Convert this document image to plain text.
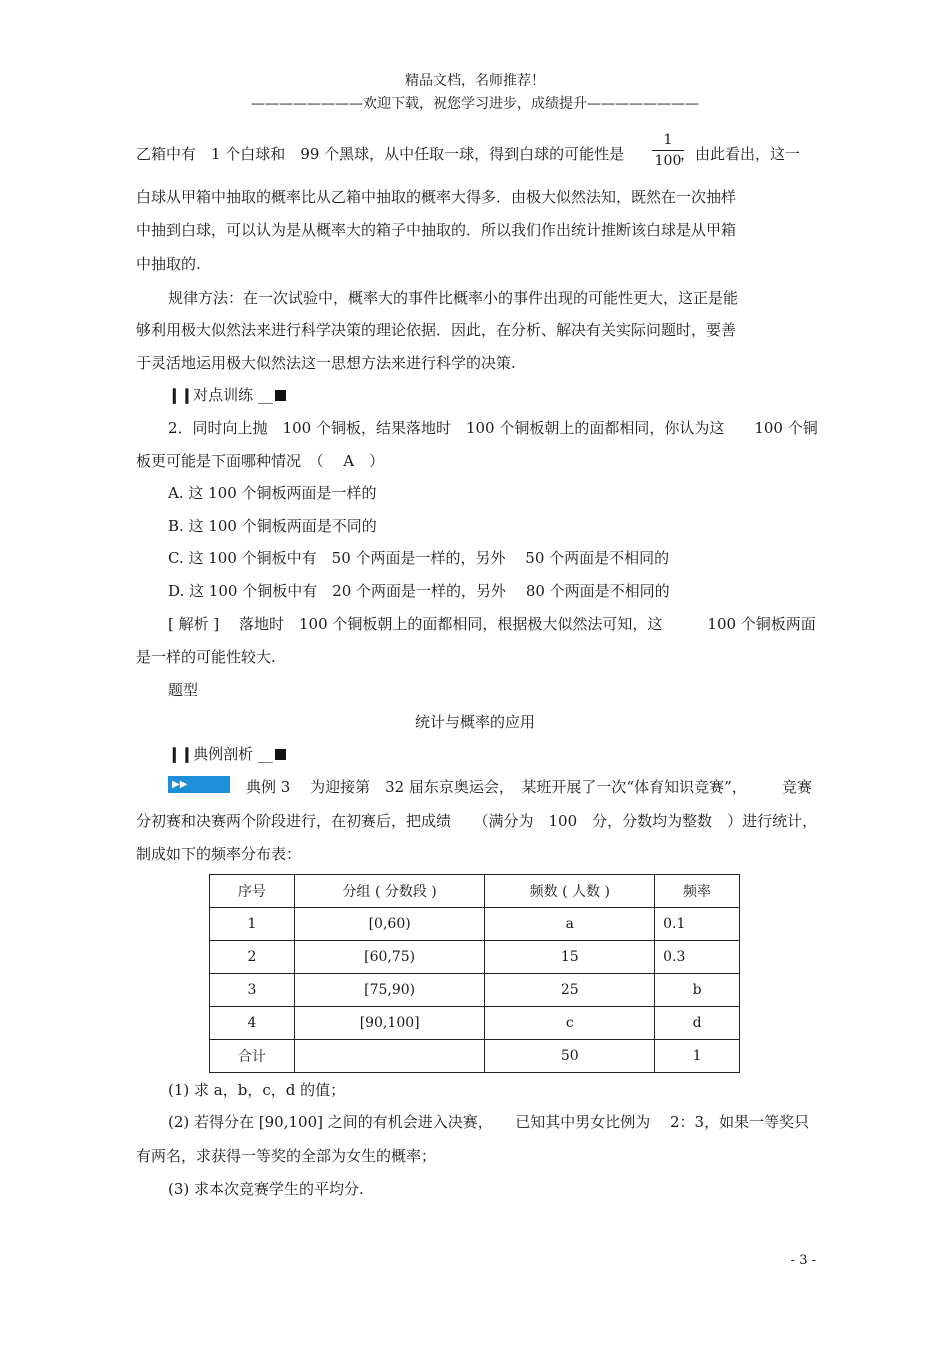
精品文档，名师推荐！
————————欢迎下载，祝您学习进步，成绩提升————————
乙箱中有　1 个白球和　99 个黑球，从中任取一球，得到白球的可能性是
1
100
，由此看出，这一
白球从甲箱中抽取的概率比从乙箱中抽取的概率大得多．由极大似然法知，既然在一次抽样
中抽到白球，可以认为是从概率大的箱子中抽取的．所以我们作出统计推断该白球是从甲箱
中抽取的.
规律方法：在一次试验中，概率大的事件比概率小的事件出现的可能性更大，这正是能
够利用极大似然法来进行科学决策的理论依据．因此，在分析、解决有关实际问题时，要善
于灵活地运用极大似然法这一思想方法来进行科学的决策.
❙❙对点训练 __
2．同时向上抛　100 个铜板，结果落地时　100 个铜板朝上的面都相同，你认为这　　100 个铜
板更可能是下面哪种情况　（　 A　）
A. 这 100 个铜板两面是一样的
B. 这 100 个铜板两面是不同的
C. 这 100 个铜板中有　50 个两面是一样的，另外　 50 个两面是不相同的
D. 这 100 个铜板中有　20 个两面是一样的，另外　 80 个两面是不相同的
[ 解析 ]　 落地时　100 个铜板朝上的面都相同，根据极大似然法可知，这　　　100 个铜板两面
是一样的可能性较大.
题型
统计与概率的应用
❙❙典例剖析 __
▶▶	典例 3　 为迎接第　32 届东京奥运会，　某班开展了一次“体育知识竞赛”， 竞赛
分初赛和决赛两个阶段进行，在初赛后，把成绩　　（满分为　100　分，分数均为整数　）进行统计，
制成如下的频率分布表：
序号	分组 ( 分数段 )	频数 ( 人数 )	频率
1	[0,60)	a	0.1
2	[60,75)	15	0.3
3	[75,90)	25	b
4	[90,100]	c	d
合计		50	1
(1) 求 a，b，c，d 的值；
(2) 若得分在 [90,100] 之间的有机会进入决赛，　　已知其中男女比例为　 2：3，如果一等奖只
有两名，求获得一等奖的全部为女生的概率；
(3) 求本次竞赛学生的平均分.
- 3 -
